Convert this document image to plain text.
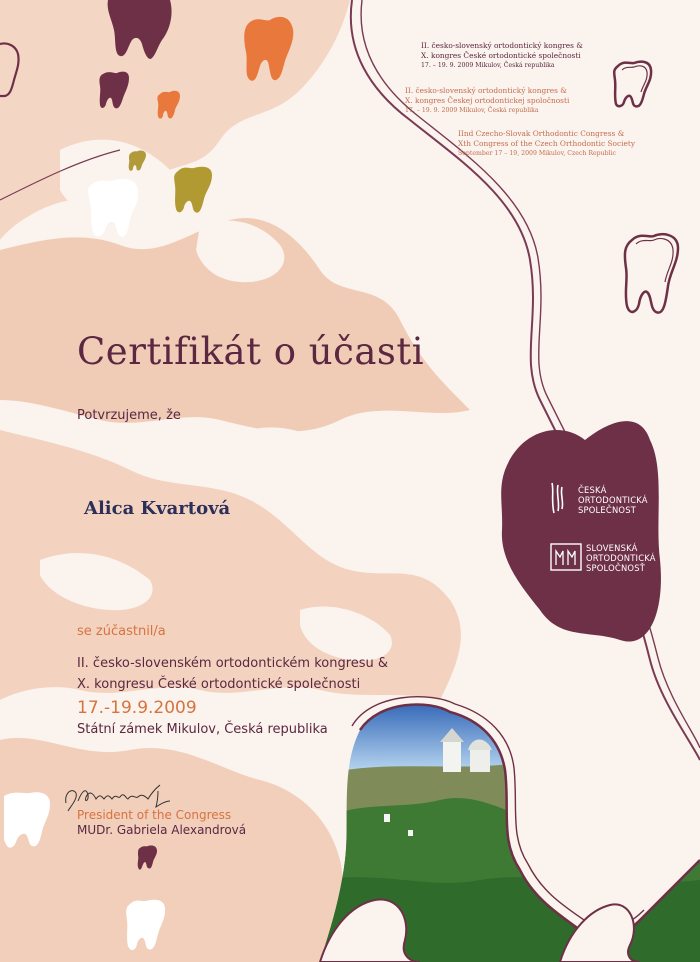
II. česko-slovenský ortodontický kongres &
X. kongres České ortodontické společnosti
17. – 19. 9. 2009 Mikulov, Česká republika
II. česko-slovenský ortodontický kongres &
X. kongres Českej ortodontickej spoločnosti
17. – 19. 9. 2009 Mikulov, Česká republika
IInd Czecho-Slovak Orthodontic Congress &
Xth Congress of the Czech Orthodontic Society
September 17 – 19, 2009 Mikulov, Czech Republic
Certifikát o účasti
Potvrzujeme, že
Alica Kvartová
se zúčastnil/a
II. česko-slovenském ortodontickém kongresu &
X. kongresu České ortodontické společnosti
17.-19.9.2009
Státní zámek Mikulov, Česká republika
President of the Congress
MUDr. Gabriela Alexandrová
ČESKÁ
ORTODONTICKÁ
SPOLEČNOST
SLOVENSKÁ
ORTODONTICKÁ
SPOLOČNOSŤ
